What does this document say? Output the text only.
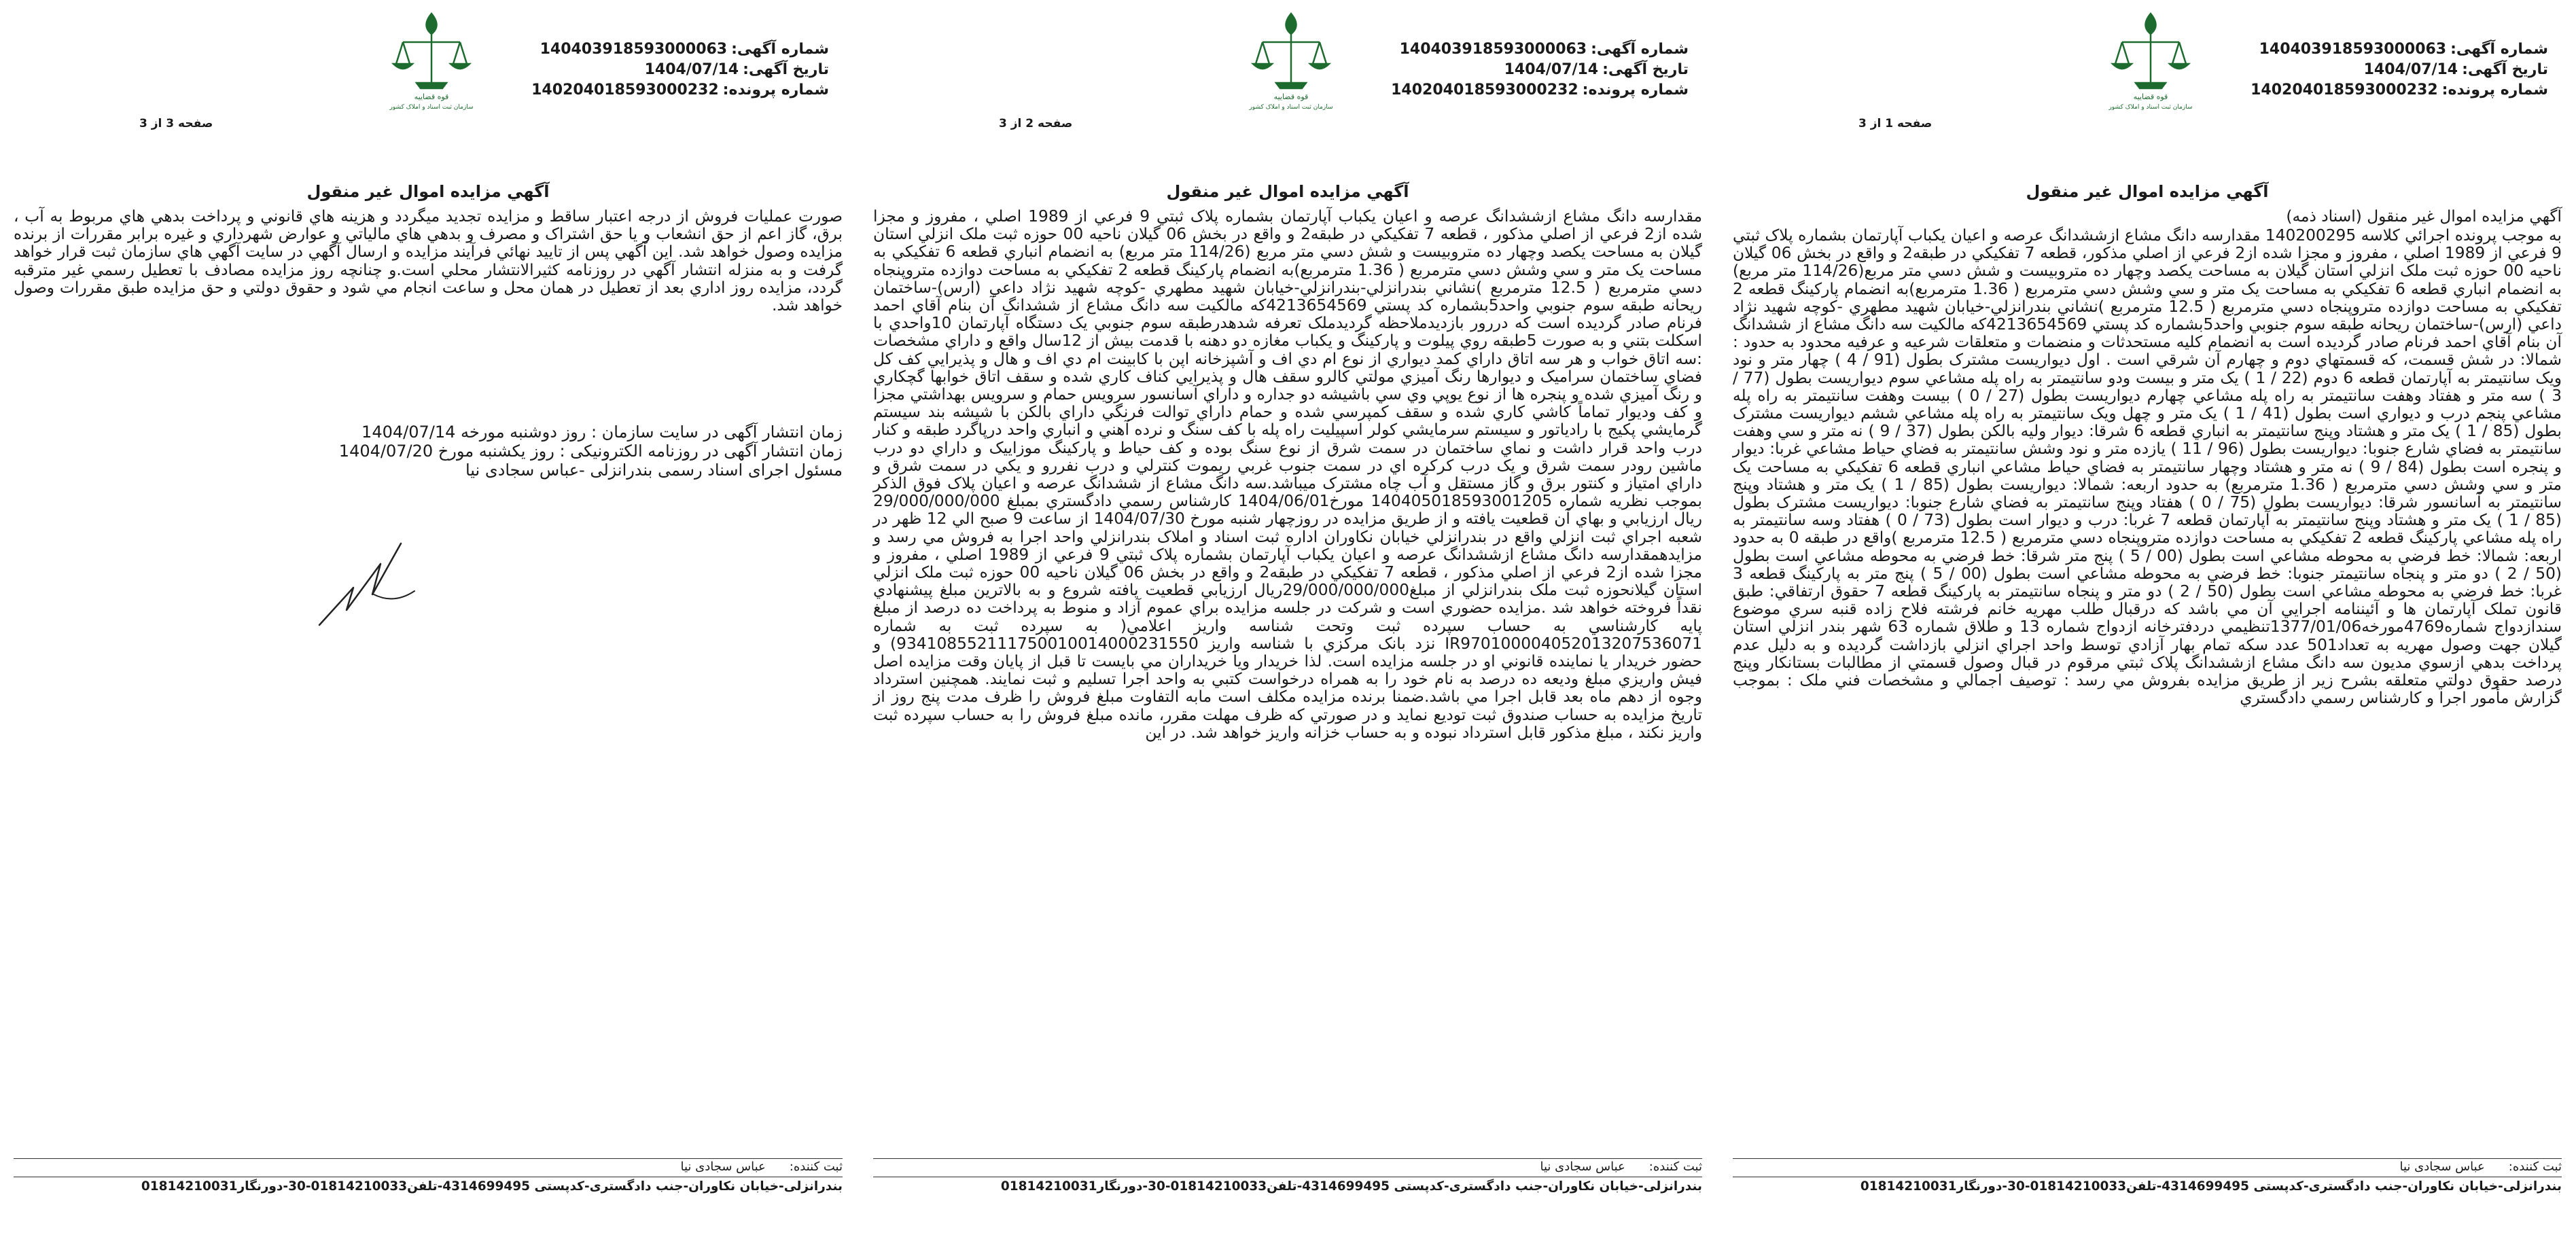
قوه قضاییه
سازمان ثبت اسناد و املاک کشور
شماره آگهی:140403918593000063
تاریخ آگهی:1404/07/14
شماره پرونده:140204018593000232
صفحه 1 از 3
آگهي مزايده اموال غير منقول
آگهي مزايده اموال غير منقول (اسناد ذمه)
به موجب پرونده اجرائي کلاسه 140200295 مقدارسه دانگ مشاع ازششدانگ عرصه و اعيان يکباب آپارتمان بشماره پلاک ثبتي 9 فرعي از 1989 اصلي ، مفروز و مجزا شده از2 فرعي از اصلي مذکور، قطعه 7 تفکيکي در طبقه2 و واقع در بخش 06 گيلان ناحيه 00 حوزه ثبت ملک انزلي استان گيلان به مساحت يکصد وچهار ده متروبيست و شش دسي متر مربع(114/26 متر مربع) به انضمام انباري قطعه 6 تفکيکي به مساحت يک متر و سي وشش دسي مترمربع ( 1.36 مترمربع)به انضمام پارکينگ قطعه 2 تفکيکي به مساحت دوازده متروپنجاه دسي مترمربع ( 12.5 مترمربع )نشاني بندرانزلي-خيابان شهيد مطهري -کوچه شهيد نژاد داعي (ارس)-ساختمان ريحانه طبقه سوم جنوبي واحد5بشماره کد پستي 4213654569که مالکيت سه دانگ مشاع از ششدانگ آن بنام آقاي احمد فرنام صادر گرديده است به انضمام کليه مستحدثات و منضمات و متعلقات شرعيه و عرفيه محدود به حدود : شمالا: در شش قسمت، که قسمتهاي دوم و چهارم آن شرقي است . اول ديواريست مشترک بطول (91 / 4 ) چهار متر و نود ويک سانتيمتر به آپارتمان قطعه 6 دوم (22 / 1 ) يک متر و بيست ودو سانتيمتر به راه پله مشاعي سوم ديواريست بطول (77 / 3 ) سه متر و هفتاد وهفت سانتيمتر به راه پله مشاعي چهارم ديواريست بطول (27 / 0 ) بيست وهفت سانتيمتر به راه پله مشاعي پنجم درب و ديواري است بطول (41 / 1 ) يک متر و چهل ويک سانتيمتر به راه پله مشاعي ششم ديواريست مشترک بطول (85 / 1 ) يک متر و هشتاد وپنج سانتيمتر به انباري قطعه 6 شرقا: ديوار وليه بالکن بطول (37 / 9 ) نه متر و سي وهفت سانتيمتر به فضاي شارع جنوبا: ديواريست بطول (96 / 11 ) يازده متر و نود وشش سانتيمتر به فضاي حياط مشاعي غربا: ديوار و پنجره است بطول (84 / 9 ) نه متر و هشتاد وچهار سانتيمتر به فضاي حياط مشاعي انباري قطعه 6 تفکيکي به مساحت يک متر و سي وشش دسي مترمربع ( 1.36 مترمربع) به حدود اربعه: شمالا: ديواريست بطول (85 / 1 ) يک متر و هشتاد وپنج سانتيمتر به آسانسور شرقا: ديواريست بطول (75 / 0 ) هفتاد وپنج سانتيمتر به فضاي شارع جنوبا: ديواريست مشترک بطول (85 / 1 ) يک متر و هشتاد وپنج سانتيمتر به آپارتمان قطعه 7 غربا: درب و ديوار است بطول (73 / 0 ) هفتاد وسه سانتيمتر به راه پله مشاعي پارکينگ قطعه 2 تفکيکي به مساحت دوازده متروپنجاه دسي مترمربع ( 12.5 مترمربع )واقع در طبقه 0 به حدود اربعه: شمالا: خط فرضي به محوطه مشاعي است بطول (00 / 5 ) پنج متر شرقا: خط فرضي به محوطه مشاعي است بطول (50 / 2 ) دو متر و پنجاه سانتيمتر جنوبا: خط فرضي به محوطه مشاعي است بطول (00 / 5 ) پنج متر به پارکينگ قطعه 3 غربا: خط فرضي به محوطه مشاعي است بطول (50 / 2 ) دو متر و پنجاه سانتيمتر به پارکينگ قطعه 7 حقوق ارتفاقي: طبق قانون تملک آپارتمان ها و آئيننامه اجرايي آن مي باشد که درقبال طلب مهريه خانم فرشته فلاح زاده قنبه سري موضوع سندازدواج شماره4769مورخه1377/01/06تنظيمي دردفترخانه ازدواج شماره 13 و طلاق شماره 63 شهر بندر انزلي استان گيلان جهت وصول مهريه به تعداد501 عدد سکه تمام بهار آزادي توسط واحد اجراي انزلي بازداشت گرديده و به دليل عدم پرداخت بدهي ازسوي مديون سه دانگ مشاع ازششدانگ پلاک ثبتي مرقوم در قبال وصول قسمتي از مطالبات بستانکار وپنج درصد حقوق دولتي متعلقه بشرح زير از طريق مزايده بفروش مي رسد : توصيف اجمالي و مشخصات فني ملک : بموجب گزارش مأمور اجرا و کارشناس رسمي دادگستري
ثبت کننده:عباس سجادی نیا
بندرانزلی-خیابان نکاوران-جنب دادگستری-کدپستی 4314699495-تلفن01814210033-30-دورنگار01814210031
قوه قضاییه
سازمان ثبت اسناد و املاک کشور
شماره آگهی:140403918593000063
تاریخ آگهی:1404/07/14
شماره پرونده:140204018593000232
صفحه 2 از 3
آگهي مزايده اموال غير منقول
مقدارسه دانگ مشاع ازششدانگ عرصه و اعيان يکباب آپارتمان بشماره پلاک ثبتي 9 فرعي از 1989 اصلي ، مفروز و مجزا شده از2 فرعي از اصلي مذکور ، قطعه 7 تفکيکي در طبقه2 و واقع در بخش 06 گيلان ناحيه 00 حوزه ثبت ملک انزلي استان گيلان به مساحت يکصد وچهار ده متروبيست و شش دسي متر مربع (114/26 متر مربع) به انضمام انباري قطعه 6 تفکيکي به مساحت يک متر و سي وشش دسي مترمربع ( 1.36 مترمربع)به انضمام پارکينگ قطعه 2 تفکيکي به مساحت دوازده متروپنجاه دسي مترمربع ( 12.5 مترمربع )نشاني بندرانزلي-بندرانزلي-خيابان شهيد مطهري -کوچه شهيد نژاد داعي (ارس)-ساختمان ريحانه طبقه سوم جنوبي واحد5بشماره کد پستي 4213654569که مالکيت سه دانگ مشاع از ششدانگ آن بنام آقاي احمد فرنام صادر گرديده است که دررور بازديدملاحظه گرديدملک تعرفه شدهدرطبقه سوم جنوبي يک دستگاه آپارتمان 10واحدي با اسکلت بتني و به صورت 5طبقه روي پيلوت و پارکينگ و يکباب مغازه دو دهنه با قدمت بيش از 12سال واقع و داراي مشخصات :سه اتاق خواب و هر سه اتاق داراي کمد ديواري از نوع ام دي اف و آشپزخانه اپن با کابينت ام دي اف و هال و پذيرايي کف کل فضاي ساختمان سراميک و ديوارها رنگ آميزي مولتي کالرو سقف هال و پذيرايي کناف کاري شده و سقف اتاق خوابها گچکاري و رنگ آميزي شده و پنجره ها از نوع يوپي وي سي باشيشه دو جداره و داراي آسانسور سرويس حمام و سرويس بهداشتي مجزا و کف وديوار تماماً کاشي کاري شده و سقف کمپرسي شده و حمام داراي توالت فرنگي داراي بالکن با شيشه بند سيستم گرمايشي پکيج با رادياتور و سيستم سرمايشي کولر اسپيليت راه پله با کف سنگ و نرده آهني و انباري واحد درپاگرد طبقه و کنار درب واحد قرار داشت و نماي ساختمان در سمت شرق از نوع سنگ بوده و کف حياط و پارکينگ موزاييک و داراي دو درب ماشين رودر سمت شرق و يک درب کرکره اي در سمت جنوب غربي ريموت کنترلي و درب نفررو و يکي در سمت شرق و داراي امتياز و کنتور برق و گاز مستقل و آب چاه مشترک ميباشد.سه دانگ مشاع از ششدانگ عرصه و اعيان پلاک فوق الذکر بموجب نظريه شماره 140405018593001205 مورخ1404/06/01 کارشناس رسمي دادگستري بمبلغ 29/000/000/000 ريال ارزيابي و بهاي آن قطعيت يافته و از طريق مزايده در روزچهار شنبه مورخ 1404/07/30 از ساعت 9 صبح الي 12 ظهر در شعبه اجراي ثبت انزلي واقع در بندرانزلي خيابان نکاوران اداره ثبت اسناد و املاک بندرانزلي واحد اجرا به فروش مي رسد و مزايدهمقدارسه دانگ مشاع ازششدانگ عرصه و اعيان يکباب آپارتمان بشماره پلاک ثبتي 9 فرعي از 1989 اصلي ، مفروز و مجزا شده از2 فرعي از اصلي مذکور ، قطعه 7 تفکيکي در طبقه2 و واقع در بخش 06 گيلان ناحيه 00 حوزه ثبت ملک انزلي استان گيلانحوزه ثبت ملک بندرانزلي از مبلغ29/000/000/000ريال ارزيابي قطعيت يافته شروع و به بالاترين مبلغ پيشنهادي نقداً فروخته خواهد شد .مزايده حضوري است و شرکت در جلسه مزايده براي عموم آزاد و منوط به پرداخت ده درصد از مبلغ پايه کارشناسي به حساب سپرده ثبت وتحت شناسه واريز اعلامي( به سپرده ثبت به شماره IR970100004052013207536071 نزد بانک مرکزي با شناسه واريز 934108552111750010014000231550) و حضور خريدار يا نماينده قانوني او در جلسه مزايده است. لذا خريدار ويا خريداران مي بايست تا قبل از پايان وقت مزايده اصل فيش واريزي مبلغ وديعه ده درصد به نام خود را به همراه درخواست کتبي به واحد اجرا تسليم و ثبت نمايند. همچنين استرداد وجوه از دهم ماه بعد قابل اجرا مي باشد.ضمنا برنده مزايده مکلف است مابه التفاوت مبلغ فروش را ظرف مدت پنج روز از تاريخ مزايده به حساب صندوق ثبت توديع نمايد و در صورتي که ظرف مهلت مقرر، مانده مبلغ فروش را به حساب سپرده ثبت واريز نکند ، مبلغ مذکور قابل استرداد نبوده و به حساب خزانه واريز خواهد شد. در اين
ثبت کننده:عباس سجادی نیا
بندرانزلی-خیابان نکاوران-جنب دادگستری-کدپستی 4314699495-تلفن01814210033-30-دورنگار01814210031
قوه قضاییه
سازمان ثبت اسناد و املاک کشور
شماره آگهی:140403918593000063
تاریخ آگهی:1404/07/14
شماره پرونده:140204018593000232
صفحه 3 از 3
آگهي مزايده اموال غير منقول
صورت عمليات فروش از درجه اعتبار ساقط و مزايده تجديد ميگردد و هزينه هاي قانوني و پرداخت بدهي هاي مربوط به آب ، برق، گاز اعم از حق انشعاب و يا حق اشتراک و مصرف و بدهي هاي مالياتي و عوارض شهرداري و غيره برابر مقررات از برنده مزايده وصول خواهد شد. اين آگهي پس از تاييد نهائي فرآيند مزايده و ارسال آگهي در سايت آگهي هاي سازمان ثبت قرار خواهد گرفت و به منزله انتشار آگهي در روزنامه کثيرالانتشار محلي است.و چنانچه روز مزايده مصادف با تعطيل رسمي غير مترقبه گردد، مزايده روز اداري بعد از تعطيل در همان محل و ساعت انجام مي شود و حقوق دولتي و حق مزايده طبق مقررات وصول خواهد شد.
زمان انتشار آگهی در سایت سازمان : روز دوشنبه مورخه 1404/07/14
زمان انتشار آگهی در روزنامه الکترونیکی : روز یکشنبه مورخ 1404/07/20
مسئول اجرای اسناد رسمی بندرانزلی -عباس سجادی نیا
ثبت کننده:عباس سجادی نیا
بندرانزلی-خیابان نکاوران-جنب دادگستری-کدپستی 4314699495-تلفن01814210033-30-دورنگار01814210031
